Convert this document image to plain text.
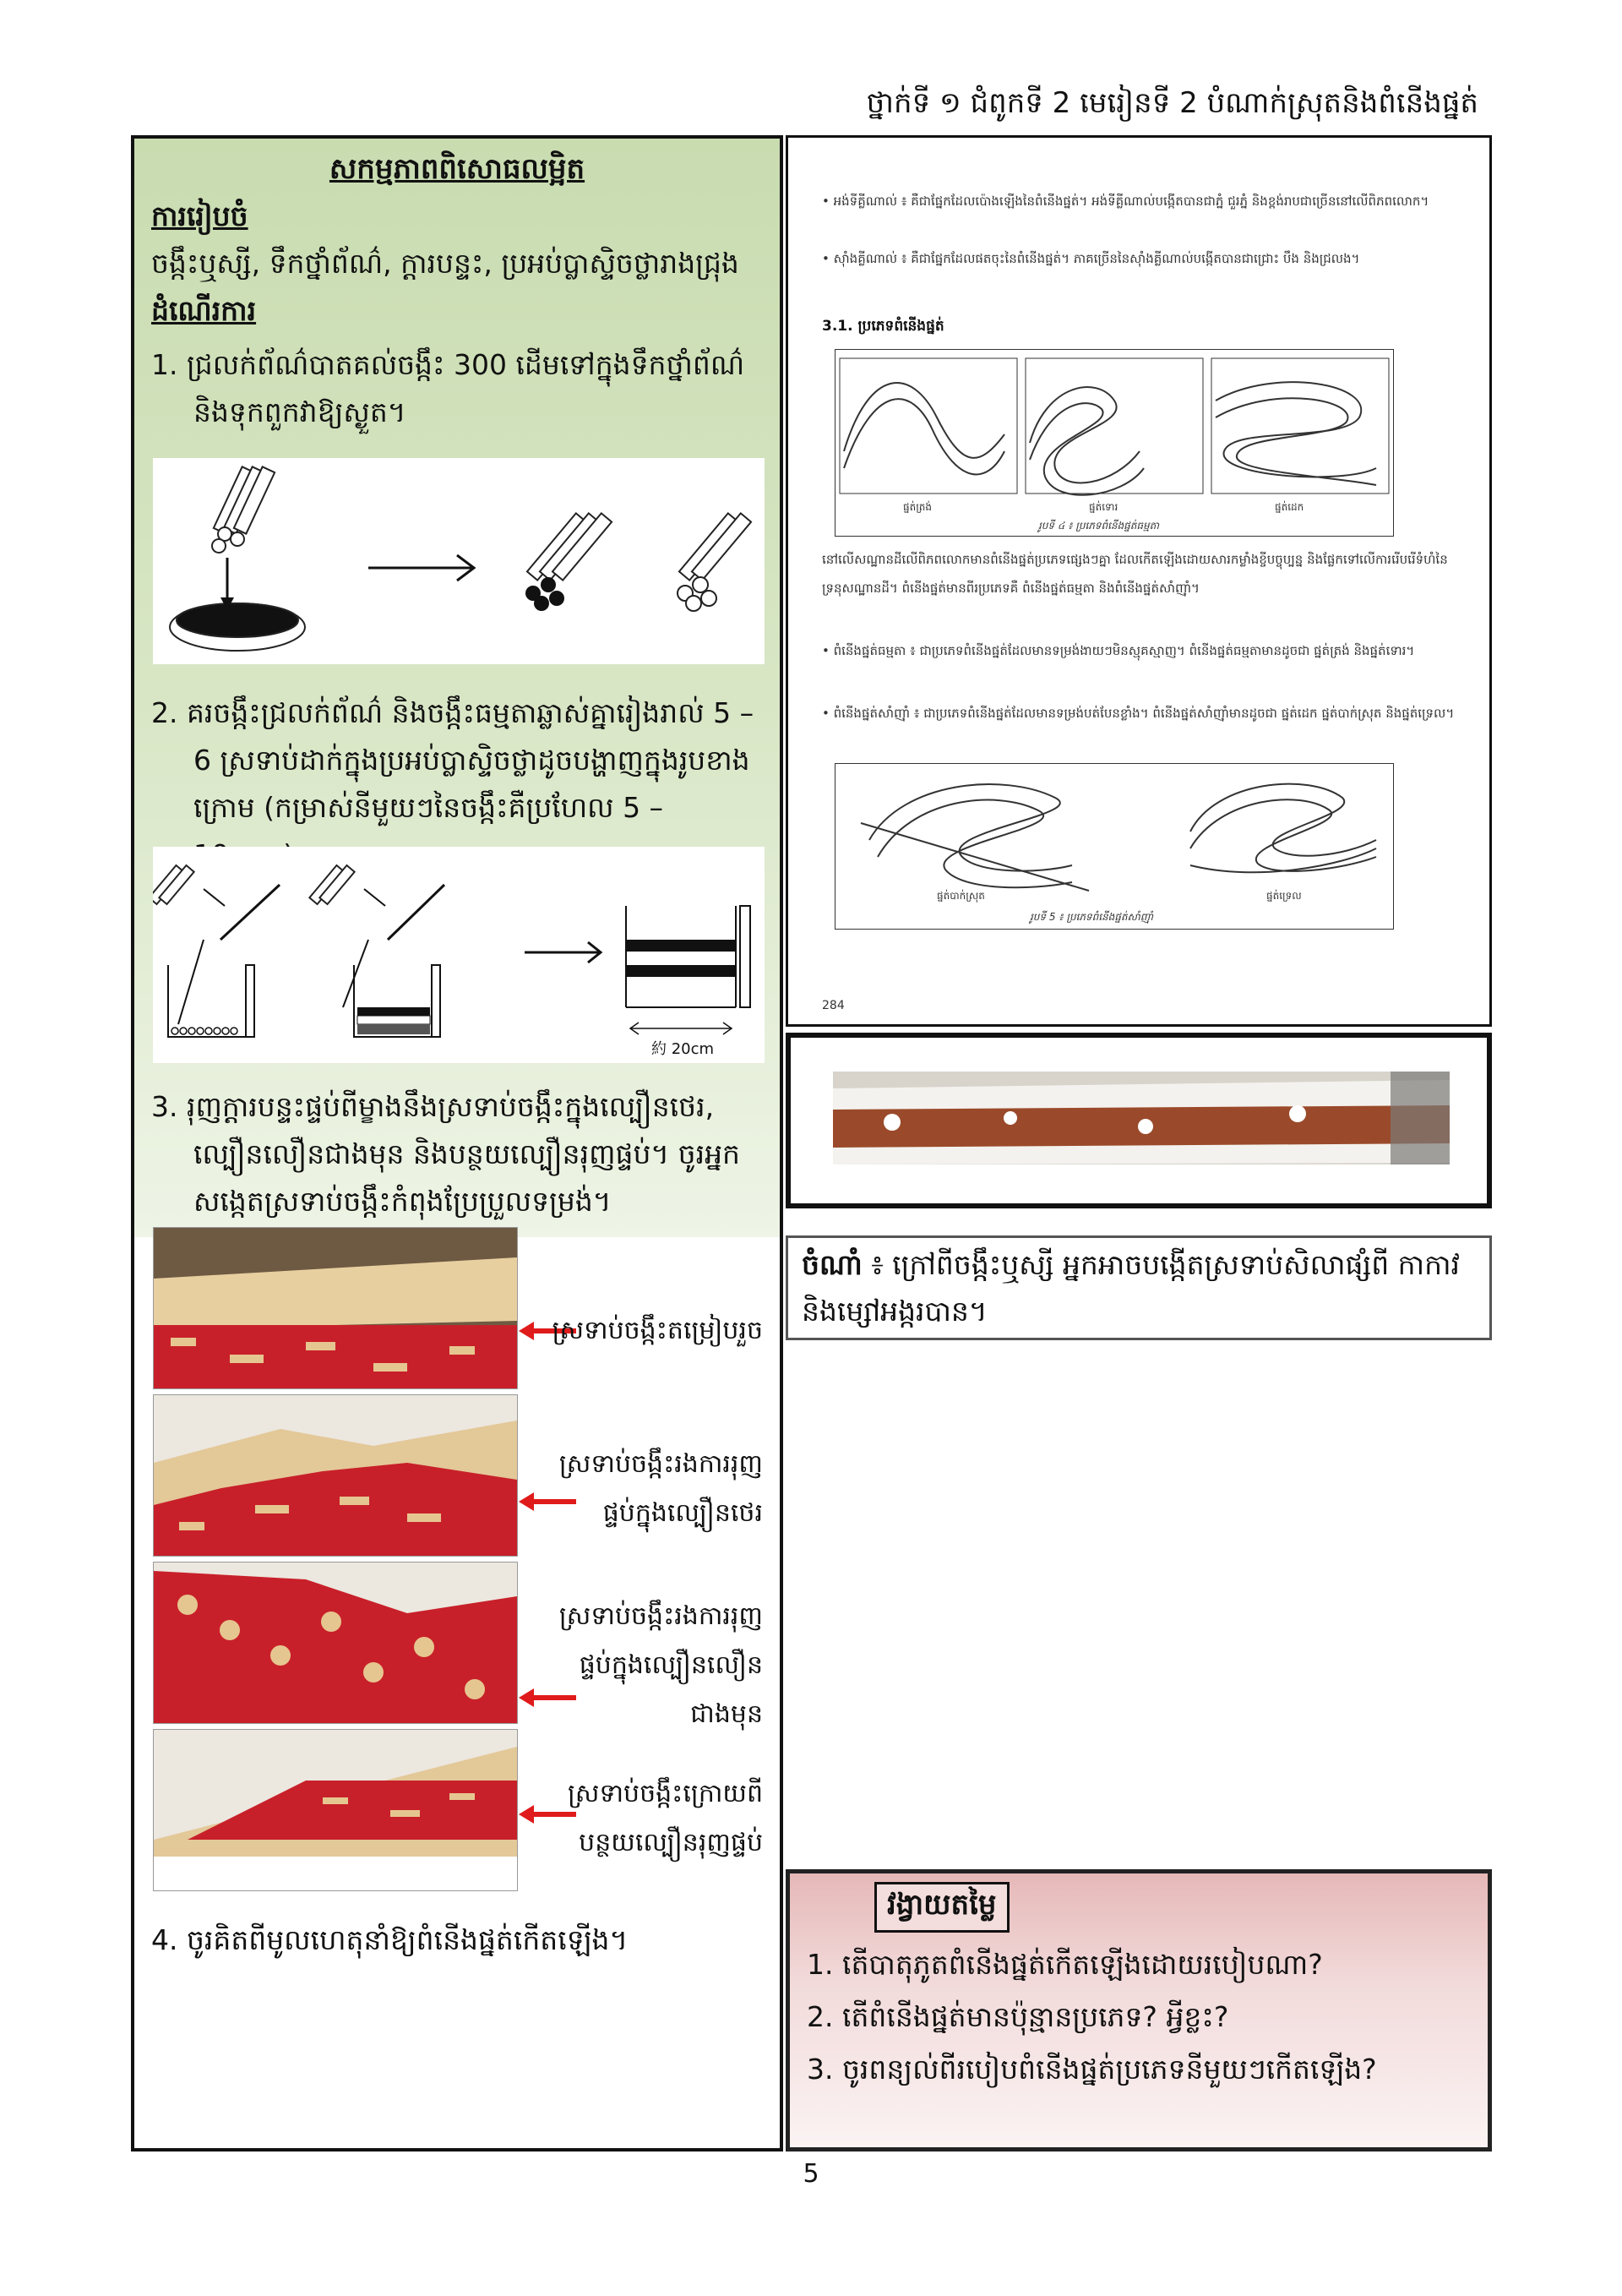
ថ្នាក់ទី ១ ជំពូកទី 2 មេរៀនទី 2 បំណាក់ស្រុតនិងពំនើងផ្នត់
សកម្មភាពពិសោធលម្អិត
ការរៀបចំ
ចង្កឹះឬស្សី, ទឹកថ្នាំព័ណ៌, ក្តារបន្ទះ, ប្រអប់ប្លាស្ទិចថ្លារាងជ្រុង
ដំណើរការ
1. ជ្រលក់ព័ណ៌បាតគល់ចង្កឹះ 300 ដើមទៅក្នុងទឹកថ្នាំព័ណ៌ និងទុកពួកវាឱ្យស្ងួត។
2. គរចង្កឹះជ្រលក់ព័ណ៌ និងចង្កឹះធម្មតាឆ្លាស់គ្នារៀងរាល់ 5 – 6 ស្រទាប់ដាក់ក្នុងប្រអប់ប្លាស្ទិចថ្លាដូចបង្ហាញក្នុងរូបខាងក្រោម (កម្រាស់នីមួយៗនៃចង្កឹះគឺប្រហែល 5 –
約 20cm
3. រុញក្តារបន្ទះផ្ទប់ពីម្ខាងនឹងស្រទាប់ចង្កឹះក្នុងល្បឿនថេរ, ល្បឿនលឿនជាងមុន និងបន្ថយល្បឿនរុញផ្ទប់។ ចូរអ្នកសង្កេតស្រទាប់ចង្កឹះកំពុងប្រែប្រួលទម្រង់។
ស្រទាប់ចង្កឹះតម្រៀបរួច
ស្រទាប់ចង្កឹះរងការរុញផ្ទប់ក្នុងល្បឿនថេរ
ស្រទាប់ចង្កឹះរងការរុញផ្ទប់ក្នុងល្បឿនលឿនជាងមុន
ស្រទាប់ចង្កឹះក្រោយពីបន្ថយល្បឿនរុញផ្ទប់
4. ចូរគិតពីមូលហេតុនាំឱ្យពំនើងផ្នត់កើតឡើង។
• អង់ទីគ្លីណាល់ ៖ គឺជាផ្នែកដែលប៉ោងឡើងនៃពំនើងផ្នត់។ អង់ទីគ្លីណាល់បង្កើតបានជាភ្នំ ជួរភ្នំ និងខ្ពង់រាបជាច្រើននៅលើពិភពលោក។
• ស៊ាំងគ្លីណាល់ ៖ គឺជាផ្នែកដែលផតចុះនៃពំនើងផ្នត់។ ភាគច្រើននៃស៊ាំងគ្លីណាល់បង្កើតបានជាជ្រោះ បឹង និងជ្រលង។
3.1. ប្រភេទពំនើងផ្នត់
ផ្នត់ត្រង់	ផ្នត់ទោរ	ផ្នត់ដេក
រូបទី ៤ ៖ ប្រភេទពំនើងផ្នត់ធម្មតា
នៅលើសណ្ឋានដីលើពិភពលោកមានពំនើងផ្នត់ប្រភេទផ្សេងៗគ្នា ដែលកើតឡើងដោយសារកម្លាំងខ្ចីបច្ចុប្បន្ន និងផ្លែកទៅលើការរើបរើទំហំនៃទ្រនុសណ្ឋានដី។ ពំនើងផ្នត់មានពីរប្រភេទគឺ ពំនើងផ្នត់ធម្មតា និងពំនើងផ្នត់សាំញ៉ាំ។
• ពំនើងផ្នត់ធម្មតា ៖ ជាប្រភេទពំនើងផ្នត់ដែលមានទម្រង់ងាយៗមិនស្មុគស្មាញ។ ពំនើងផ្នត់ធម្មតាមានដូចជា ផ្នត់ត្រង់ និងផ្នត់ទោរ។
• ពំនើងផ្នត់សាំញ៉ាំ ៖ ជាប្រភេទពំនើងផ្នត់ដែលមានទម្រង់បត់បែនខ្លាំង។ ពំនើងផ្នត់សាំញ៉ាំមានដូចជា ផ្នត់ដេក ផ្នត់បាក់ស្រុត និងផ្នត់ទ្រេល។
ផ្នត់បាក់ស្រុត	ផ្នត់ទ្រេល
រូបទី 5 ៖ ប្រភេទពំនើងផ្នត់សាំញ៉ាំ
284
ចំណាំ ៖ ក្រៅពីចង្កឹះឬស្សី អ្នកអាចបង្កើតស្រទាប់សិលាផ្សំពី កាកាវ និងម្សៅអង្ករបាន។
វង្វាយតម្លៃ
1. តើបាតុភូតពំនើងផ្នត់កើតឡើងដោយរបៀបណា?
2. តើពំនើងផ្នត់មានប៉ុន្មានប្រភេទ? អ្វីខ្លះ?
3. ចូរពន្យល់ពីរបៀបពំនើងផ្នត់ប្រភេទនីមួយៗកើតឡើង?
5
